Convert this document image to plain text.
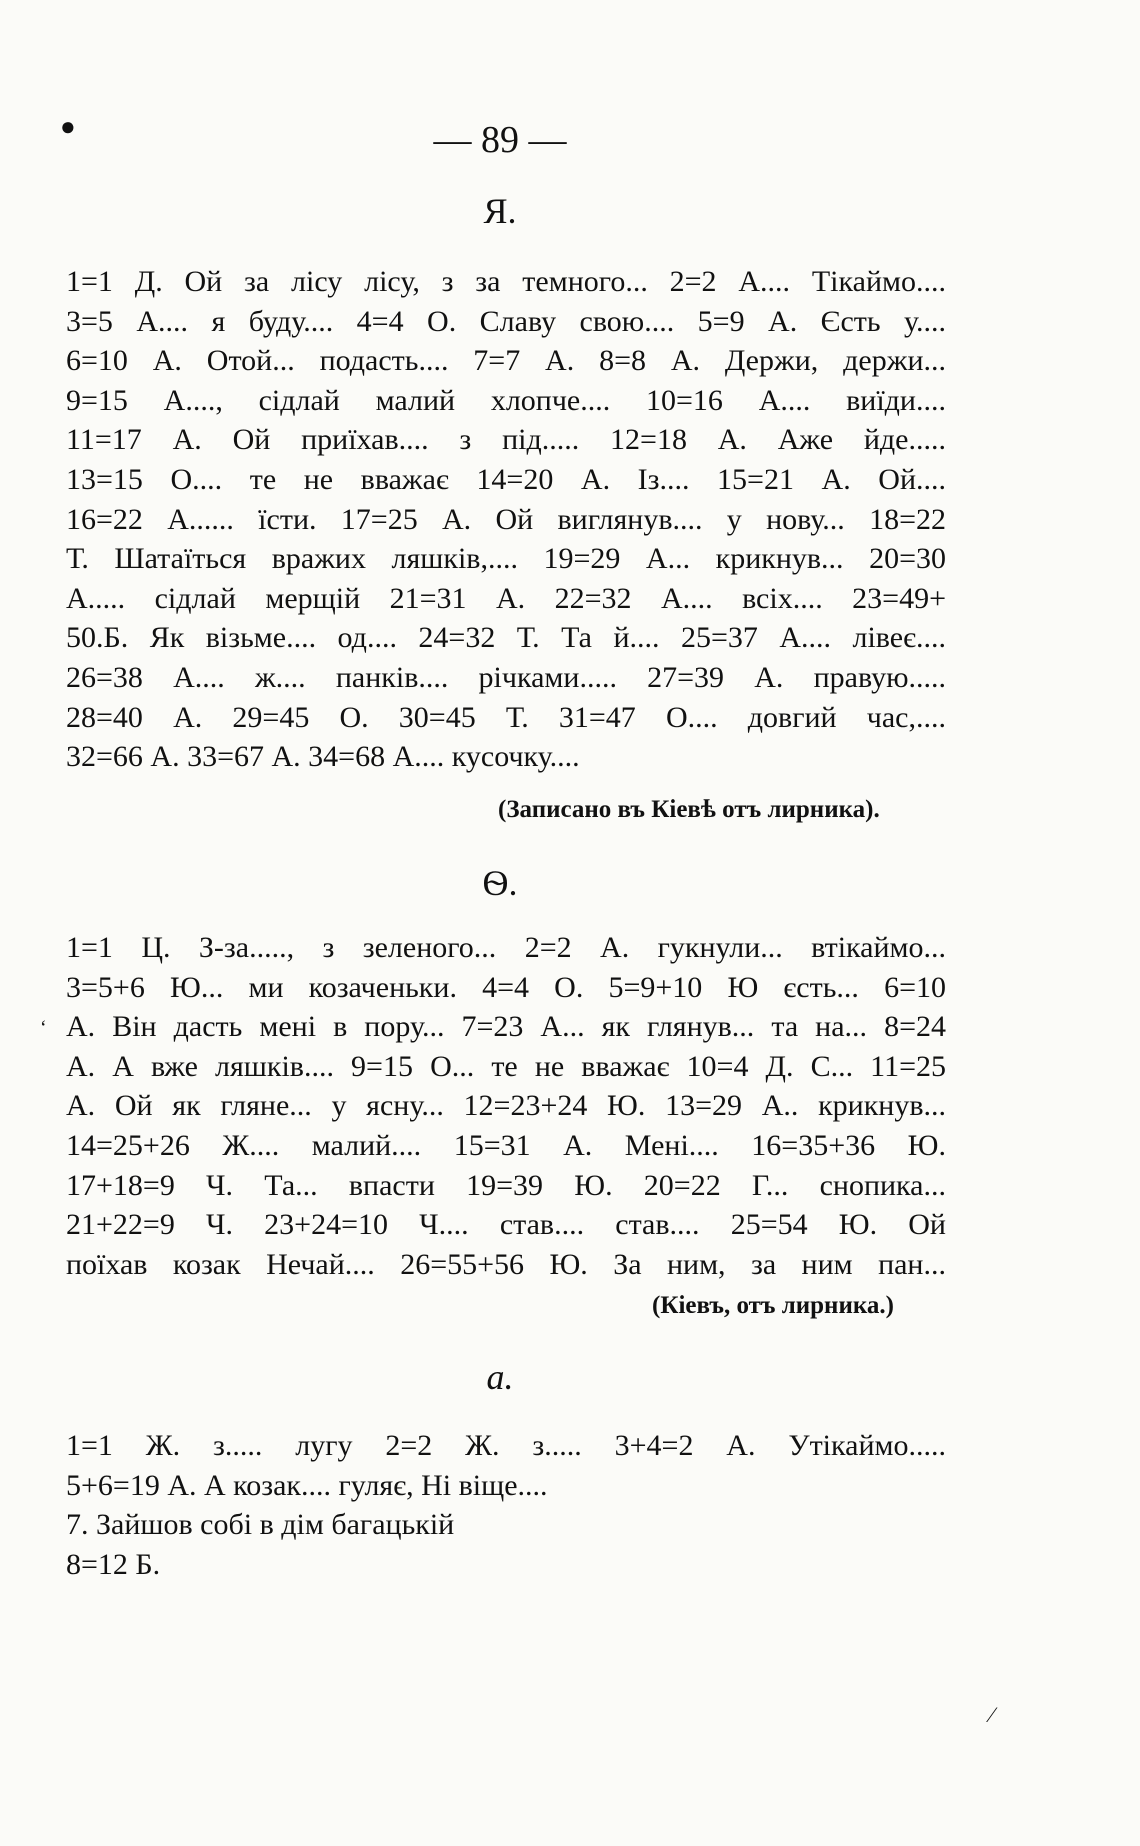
●	— 89 —
Я.
1=1 Д. Ой за лісу лісу, з за темного... 2=2 А.... Тікаймо....
3=5 А.... я буду.... 4=4 О. Славу свою.... 5=9 А. Єсть у....
6=10 А. Отой... подасть.... 7=7 А. 8=8 А. Держи, держи...
9=15 А...., сідлай малий хлопче.... 10=16 А.... виїди....
11=17 А. Ой приїхав.... з під..... 12=18 А. Аже йде.....
13=15 О.... те не вважає 14=20 А. Із.... 15=21 А. Ой....
16=22 А...... їсти. 17=25 А. Ой виглянув.... у нову... 18=22
Т. Шатаїться вражих ляшків,.... 19=29 А... крикнув... 20=30
А..... сідлай мерщій 21=31 А. 22=32 А.... всіх.... 23=49+
50.Б. Як візьме.... од.... 24=32 Т. Та й.... 25=37 А.... лівеє....
26=38 А.... ж.... панків.... річками..... 27=39 А. правую.....
28=40 А. 29=45 О. 30=45 Т. 31=47 О.... довгий час,....
32=66 А. 33=67 А. 34=68 А.... кусочку....
(Записано въ Кіевѣ отъ лирника).
Ѳ.
1=1 Ц. З-за....., з зеленого... 2=2 А. гукнули... втікаймо...
3=5+6 Ю... ми козаченьки. 4=4 О. 5=9+10 Ю єсть... 6=10
А. Він дасть мені в пору... 7=23 А... як глянув... та на... 8=24
А. А вже ляшків.... 9=15 О... те не вважає 10=4 Д. С... 11=25
А. Ой як гляне... у ясну... 12=23+24 Ю. 13=29 А.. крикнув...
14=25+26 Ж.... малий.... 15=31 А. Мені.... 16=35+36 Ю.
17+18=9 Ч. Та... впасти 19=39 Ю. 20=22 Г... снопика...
21+22=9 Ч. 23+24=10 Ч.... став.... став.... 25=54 Ю. Ой
поїхав козак Нечай.... 26=55+56 Ю. За ним, за ним пан...
(Кіевъ, отъ лирника.)
‘
а.
1=1 Ж. з..... лугу 2=2 Ж. з..... 3+4=2 А. Утікаймо.....
5+6=19 А. А козак.... гуляє, Ні віще....
7. Зайшов собі в дім багацькій
8=12 Б.
⁄
